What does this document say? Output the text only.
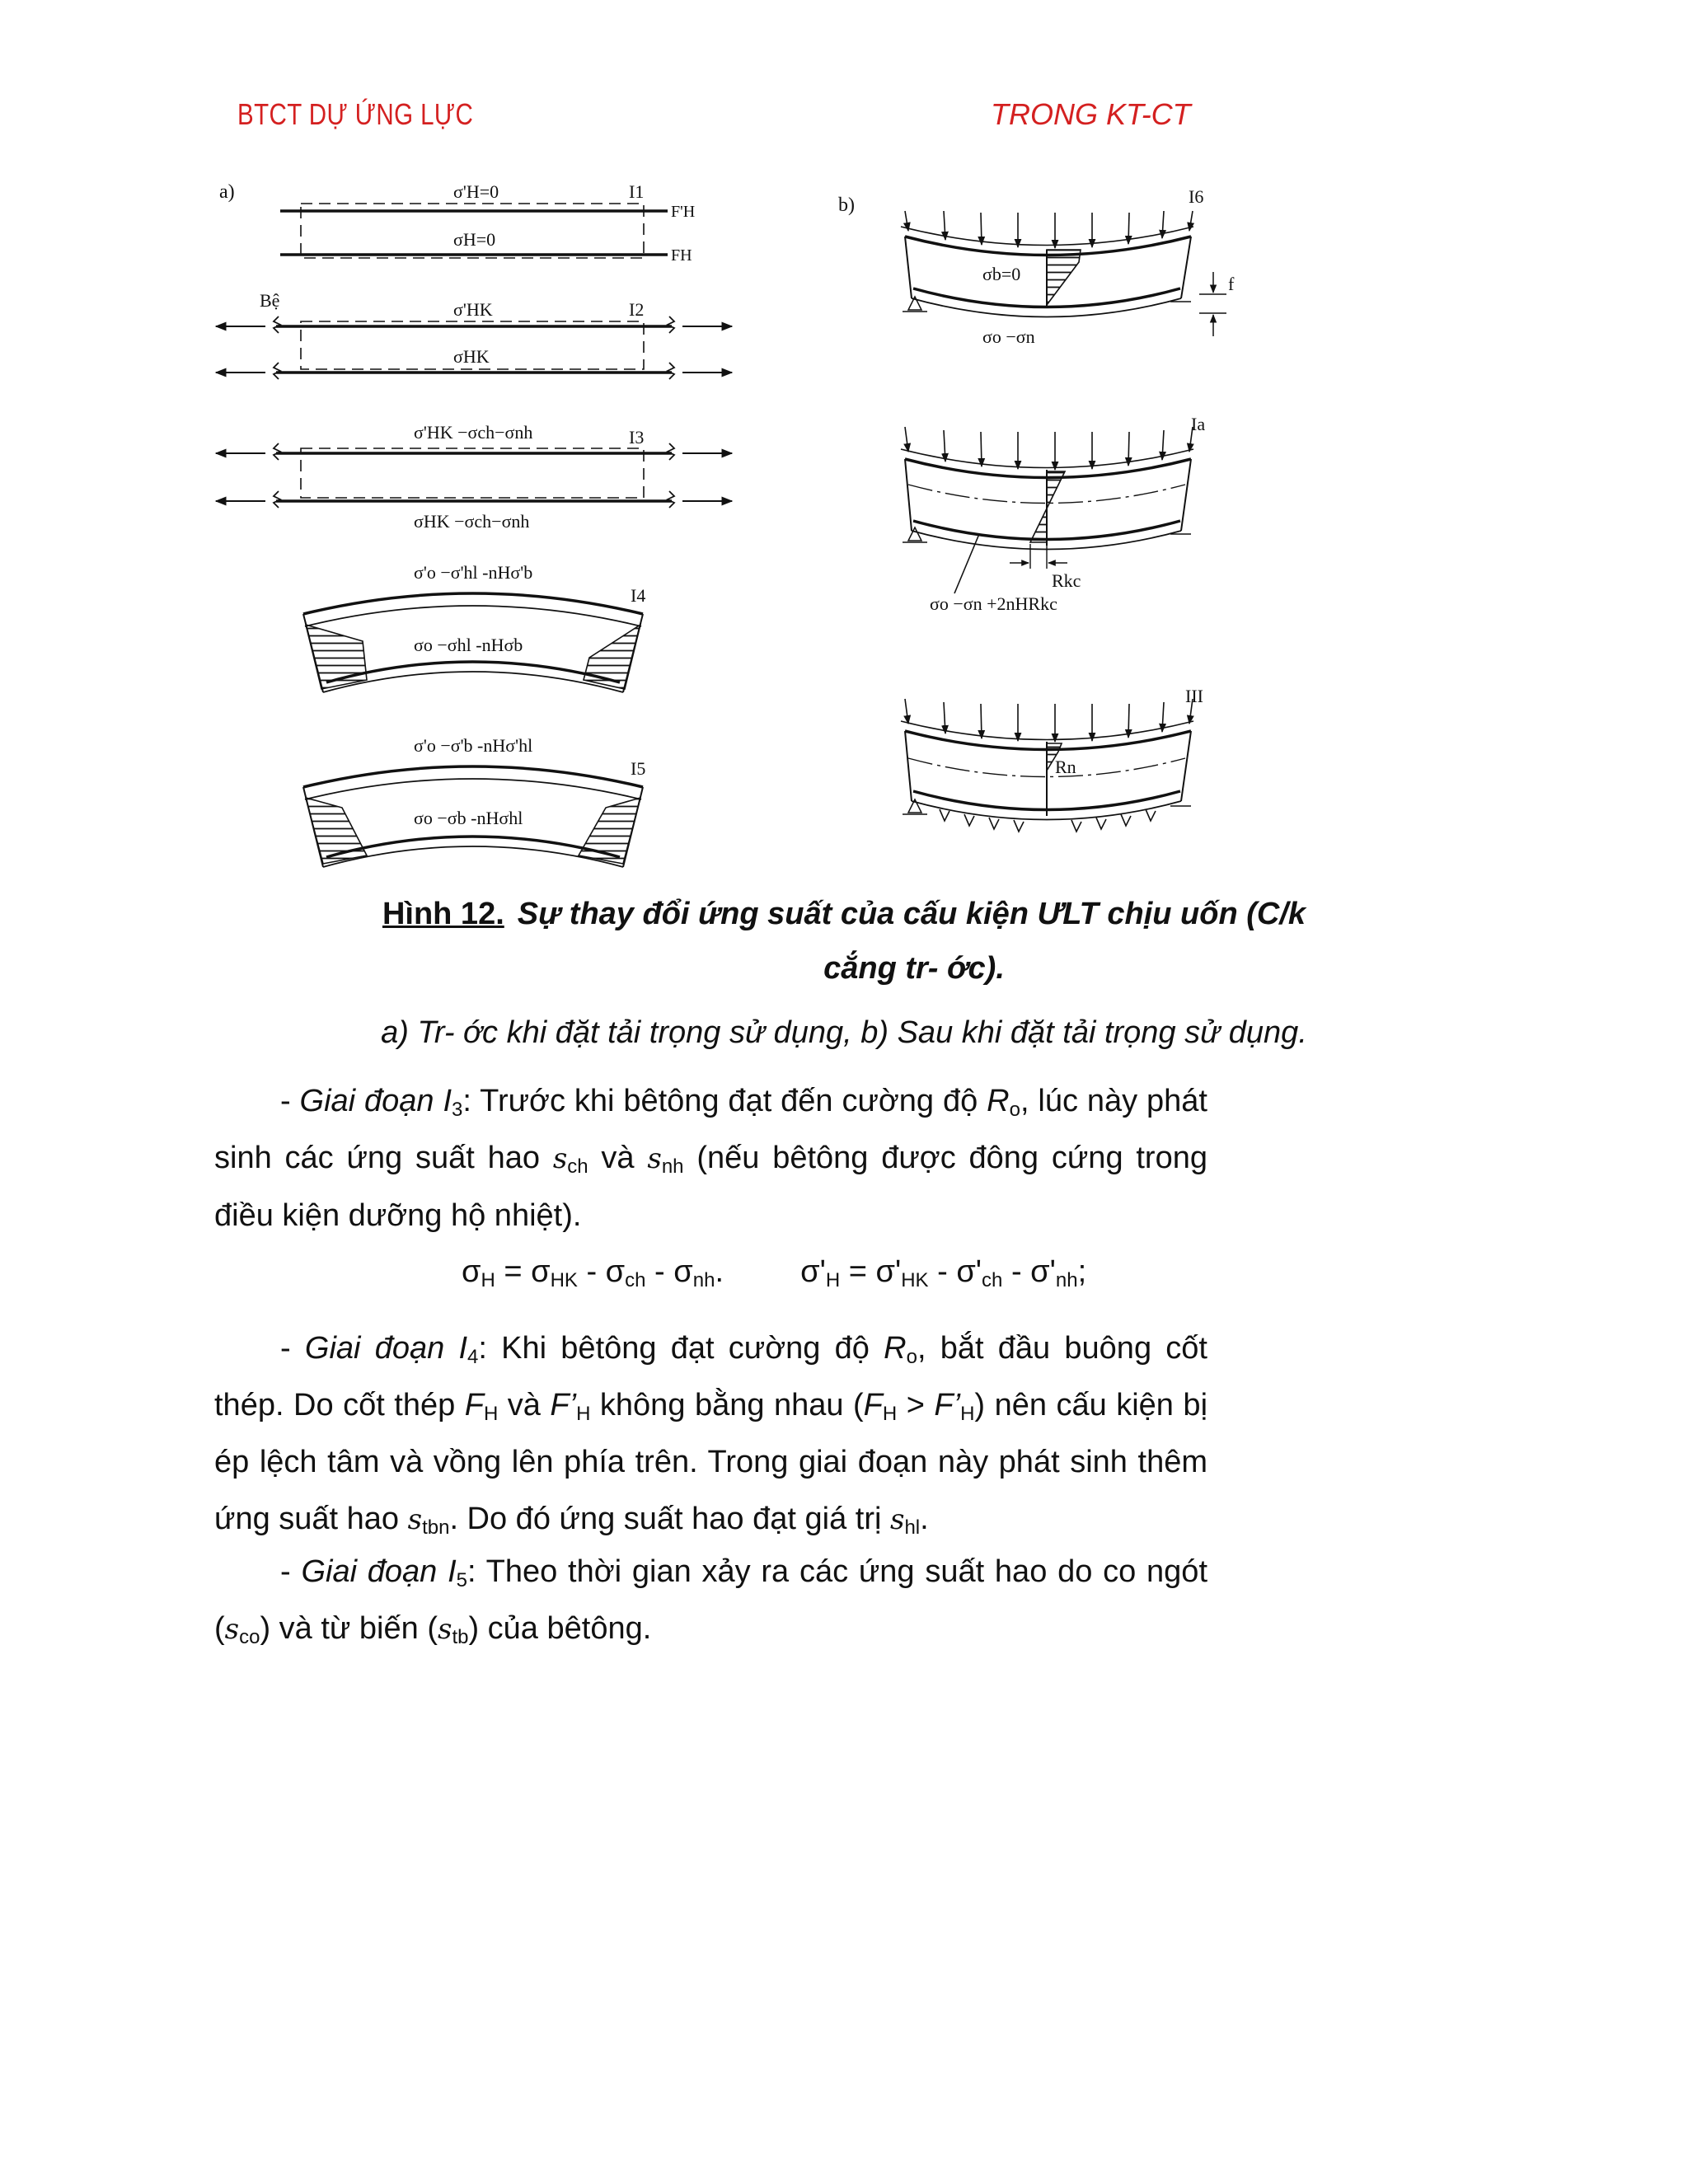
BTCT DỰ ỨNG LỰC	TRONG KT-CT
a)	I1
F'H
FH
σ'H=0
σH=0
Bệ	I2
σ'HK
σHK
I3
σ'HK −σch−σnh
σHK −σch−σnh
σ'o −σ'hl -nHσ'b
I4
σo −σhl -nHσb
σ'o −σ'b -nHσ'hl
I5
σo −σb -nHσhl
b)	I6
σb=0
σo −σn
f
Ia
Rkc
σo −σn +2nHRkc
III
Rn
Hình 12. Sự thay đổi ứng suất của cấu kiện ƯLT chịu uốn (C/k
cắng tr- ớc).
a) Tr- ớc khi đặt tải trọng sử dụng, b) Sau khi đặt tải trọng sử dụng.
- Giai đoạn $I_3$: Trước khi bêtông đạt đến cường độ $R_o$, lúc này phát sinh các ứng suất hao $s_{ch}$ và $s_{nh}$ (nếu bêtông được đông cứng trong điều kiện dưỡng hộ nhiệt).
$\sigma_H = \sigma_{HK} - \sigma_{ch} - \sigma_{nh}$. $\sigma'_H = \sigma'_{HK} - \sigma'_{ch} - \sigma'_{nh}$;
- Giai đoạn $I_4$: Khi bêtông đạt cường độ $R_o$, bắt đầu buông cốt thép. Do cốt thép $F_H$ và $F’_H$ không bằng nhau ($F_H$ > $F’_H$) nên cấu kiện bị ép lệch tâm và vồng lên phía trên. Trong giai đoạn này phát sinh thêm ứng suất hao $s_{tbn}$. Do đó ứng suất hao đạt giá trị $s_{hl}$.
- Giai đoạn $I_5$: Theo thời gian xảy ra các ứng suất hao do co ngót $(s_{co})$ và từ biến $(s_{tb})$ của bêtông.
